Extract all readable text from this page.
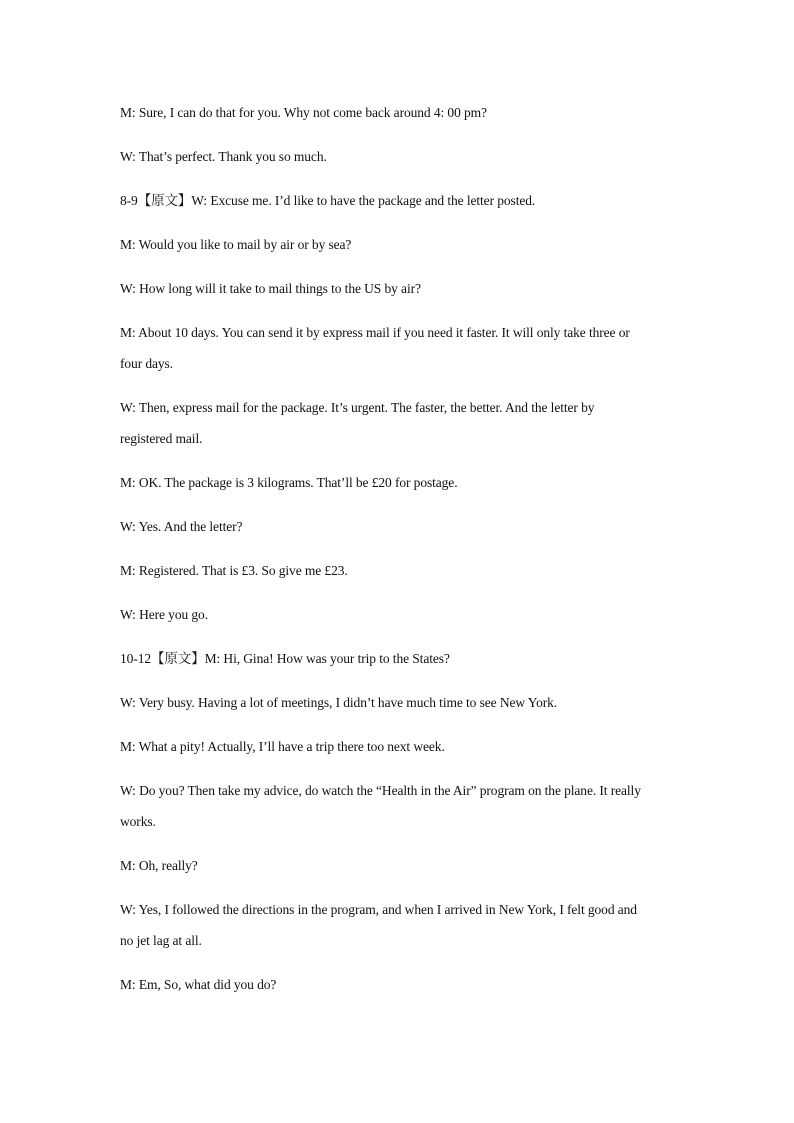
M: Sure, I can do that for you. Why not come back around 4: 00 pm?

W: That’s perfect. Thank you so much.

8-9【原文】W: Excuse me. I’d like to have the package and the letter posted.

M: Would you like to mail by air or by sea?

W: How long will it take to mail things to the US by air?

M: About 10 days. You can send it by express mail if you need it faster. It will only take three or
four days.

W: Then, express mail for the package. It’s urgent. The faster, the better. And the letter by
registered mail.

M: OK. The package is 3 kilograms. That’ll be £20 for postage.

W: Yes. And the letter?

M: Registered. That is £3. So give me £23.

W: Here you go.

10-12【原文】M: Hi, Gina! How was your trip to the States?

W: Very busy. Having a lot of meetings, I didn’t have much time to see New York.

M: What a pity! Actually, I’ll have a trip there too next week.

W: Do you? Then take my advice, do watch the “Health in the Air” program on the plane. It really
works.

M: Oh, really?

W: Yes, I followed the directions in the program, and when I arrived in New York, I felt good and
no jet lag at all.

M: Em, So, what did you do?
